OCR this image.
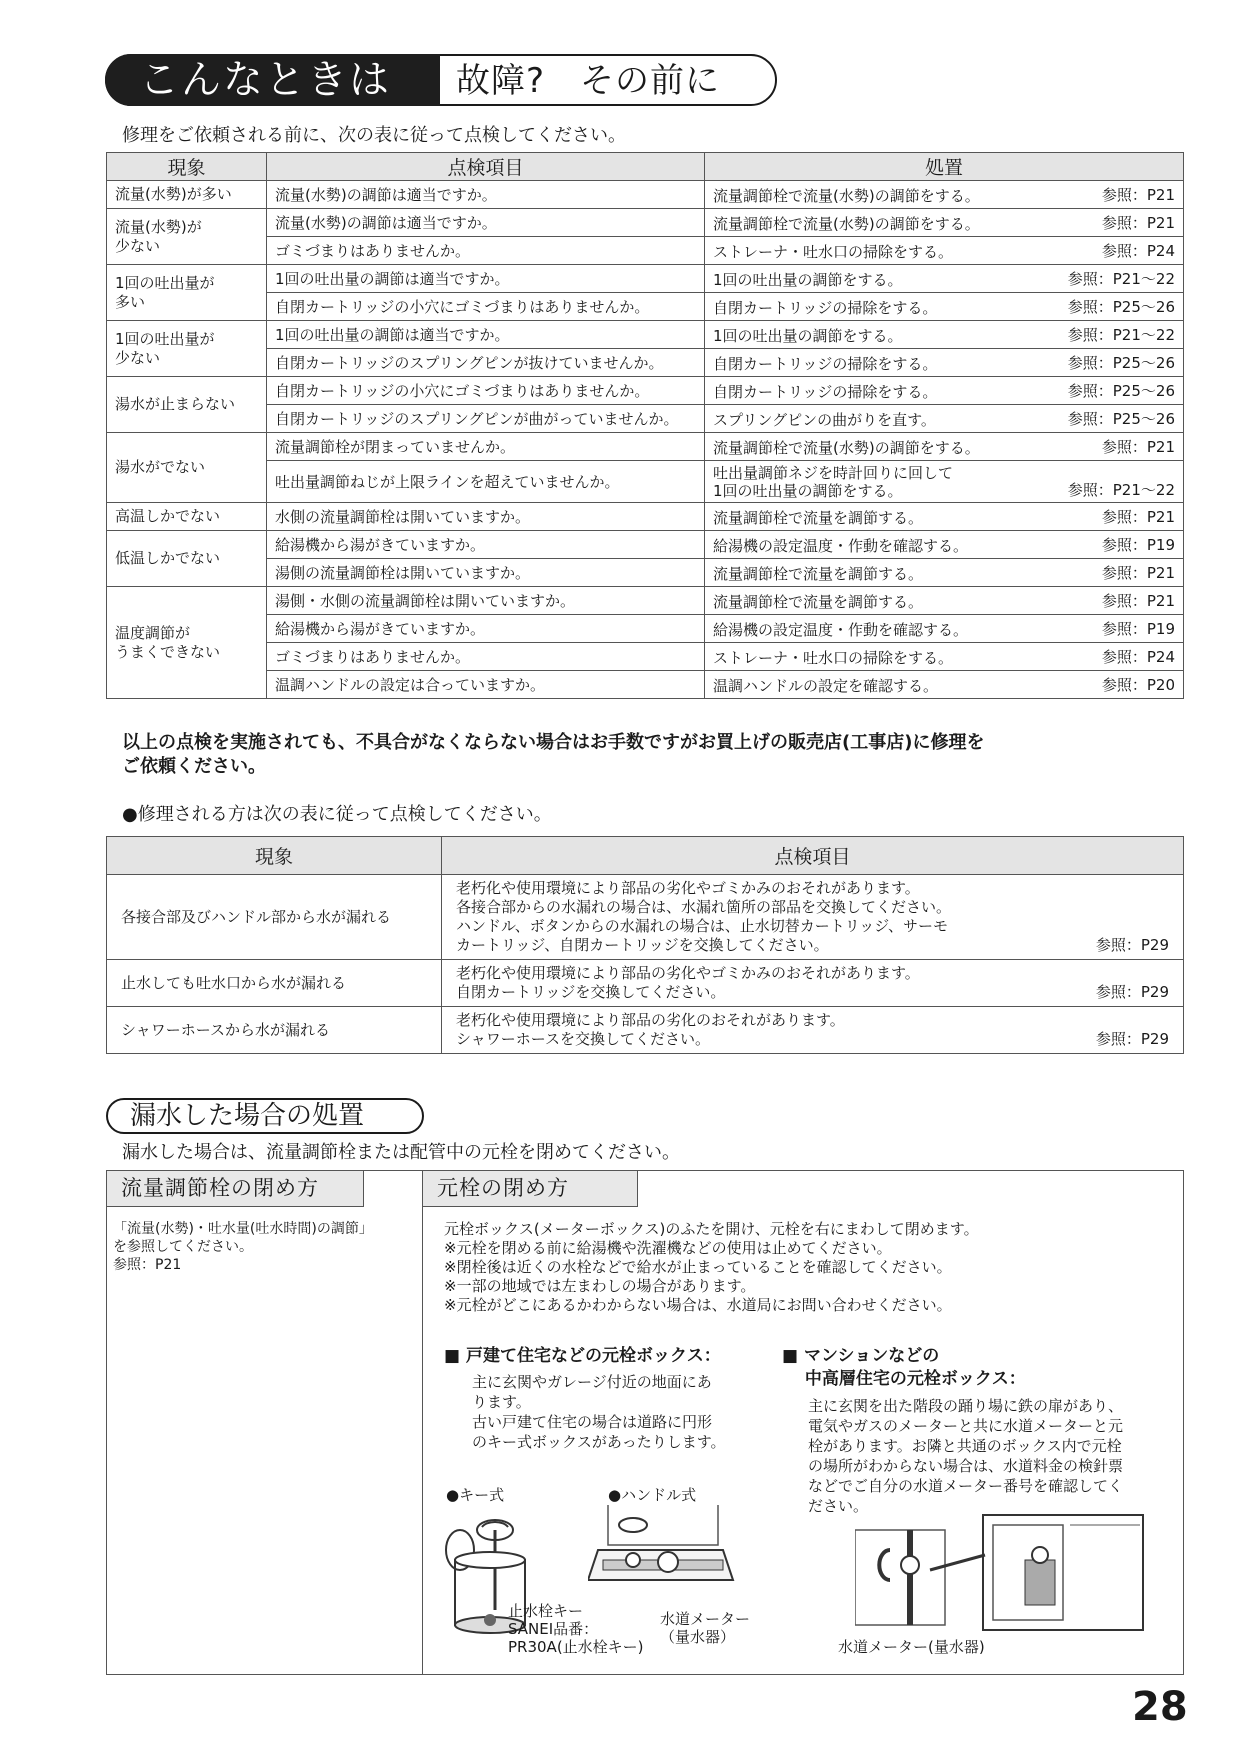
こんなときは	故障?　その前に
修理をご依頼される前に、次の表に従って点検してください。
現象	点検項目	処置
流量(水勢)が多い	流量(水勢)の調節は適当ですか。	流量調節栓で流量(水勢)の調節をする。 参照：P21

流量(水勢)が
少ない	流量(水勢)の調節は適当ですか。	流量調節栓で流量(水勢)の調節をする。 参照：P21

	ゴミづまりはありませんか。	ストレーナ・吐水口の掃除をする。 参照：P24

1回の吐出量が
多い	1回の吐出量の調節は適当ですか。	1回の吐出量の調節をする。 参照：P21～22

	自閉カートリッジの小穴にゴミづまりはありませんか。	自閉カートリッジの掃除をする。 参照：P25～26

1回の吐出量が
少ない	1回の吐出量の調節は適当ですか。	1回の吐出量の調節をする。 参照：P21～22

	自閉カートリッジのスプリングピンが抜けていませんか。	自閉カートリッジの掃除をする。 参照：P25～26

湯水が止まらない	自閉カートリッジの小穴にゴミづまりはありませんか。	自閉カートリッジの掃除をする。 参照：P25～26

	自閉カートリッジのスプリングピンが曲がっていませんか。	スプリングピンの曲がりを直す。 参照：P25～26

湯水がでない	流量調節栓が閉まっていませんか。	流量調節栓で流量(水勢)の調節をする。 参照：P21

	吐出量調節ねじが上限ラインを超えていませんか。	吐出量調節ネジを時計回りに回して
1回の吐出量の調節をする。 参照：P21～22

高温しかでない	水側の流量調節栓は開いていますか。	流量調節栓で流量を調節する。 参照：P21

低温しかでない	給湯機から湯がきていますか。	給湯機の設定温度・作動を確認する。 参照：P19

	湯側の流量調節栓は開いていますか。	流量調節栓で流量を調節する。 参照：P21

温度調節が
うまくできない	湯側・水側の流量調節栓は開いていますか。	流量調節栓で流量を調節する。 参照：P21

	給湯機から湯がきていますか。	給湯機の設定温度・作動を確認する。 参照：P19

	ゴミづまりはありませんか。	ストレーナ・吐水口の掃除をする。 参照：P24

	温調ハンドルの設定は合っていますか。	温調ハンドルの設定を確認する。 参照：P20
以上の点検を実施されても、不具合がなくならない場合はお手数ですがお買上げの販売店(工事店)に修理を
ご依頼ください。
●修理される方は次の表に従って点検してください。
現象	点検項目
各接合部及びハンドル部から水が漏れる	老朽化や使用環境により部品の劣化やゴミかみのおそれがあります。
各接合部からの水漏れの場合は、水漏れ箇所の部品を交換してください。
ハンドル、ボタンからの水漏れの場合は、止水切替カートリッジ、サーモ
カートリッジ、自閉カートリッジを交換してください。 参照：P29

止水しても吐水口から水が漏れる	老朽化や使用環境により部品の劣化やゴミかみのおそれがあります。
自閉カートリッジを交換してください。 参照：P29

シャワーホースから水が漏れる	老朽化や使用環境により部品の劣化のおそれがあります。
シャワーホースを交換してください。 参照：P29
漏水した場合の処置
漏水した場合は、流量調節栓または配管中の元栓を閉めてください。
流量調節栓の閉め方	元栓の閉め方
「流量(水勢)・吐水量(吐水時間)の調節」
を参照してください。
参照：P21
元栓ボックス(メーターボックス)のふたを開け、元栓を右にまわして閉めます。
※元栓を閉める前に給湯機や洗濯機などの使用は止めてください。
※閉栓後は近くの水栓などで給水が止まっていることを確認してください。
※一部の地域では左まわしの場合があります。
※元栓がどこにあるかわからない場合は、水道局にお問い合わせください。
■ 戸建て住宅などの元栓ボックス：
主に玄関やガレージ付近の地面にあ
ります。
古い戸建て住宅の場合は道路に円形
のキー式ボックスがあったりします。
■ マンションなどの
　 中高層住宅の元栓ボックス：
主に玄関を出た階段の踊り場に鉄の扉があり、
電気やガスのメーターと共に水道メーターと元
栓があります。お隣と共通のボックス内で元栓
の場所がわからない場合は、水道料金の検針票
などでご自分の水道メーター番号を確認してく
ださい。
●キー式	●ハンドル式
止水栓キー
SANEI品番：
PR30A(止水栓キー)
水道メーター
（量水器）
水道メーター(量水器)
28
